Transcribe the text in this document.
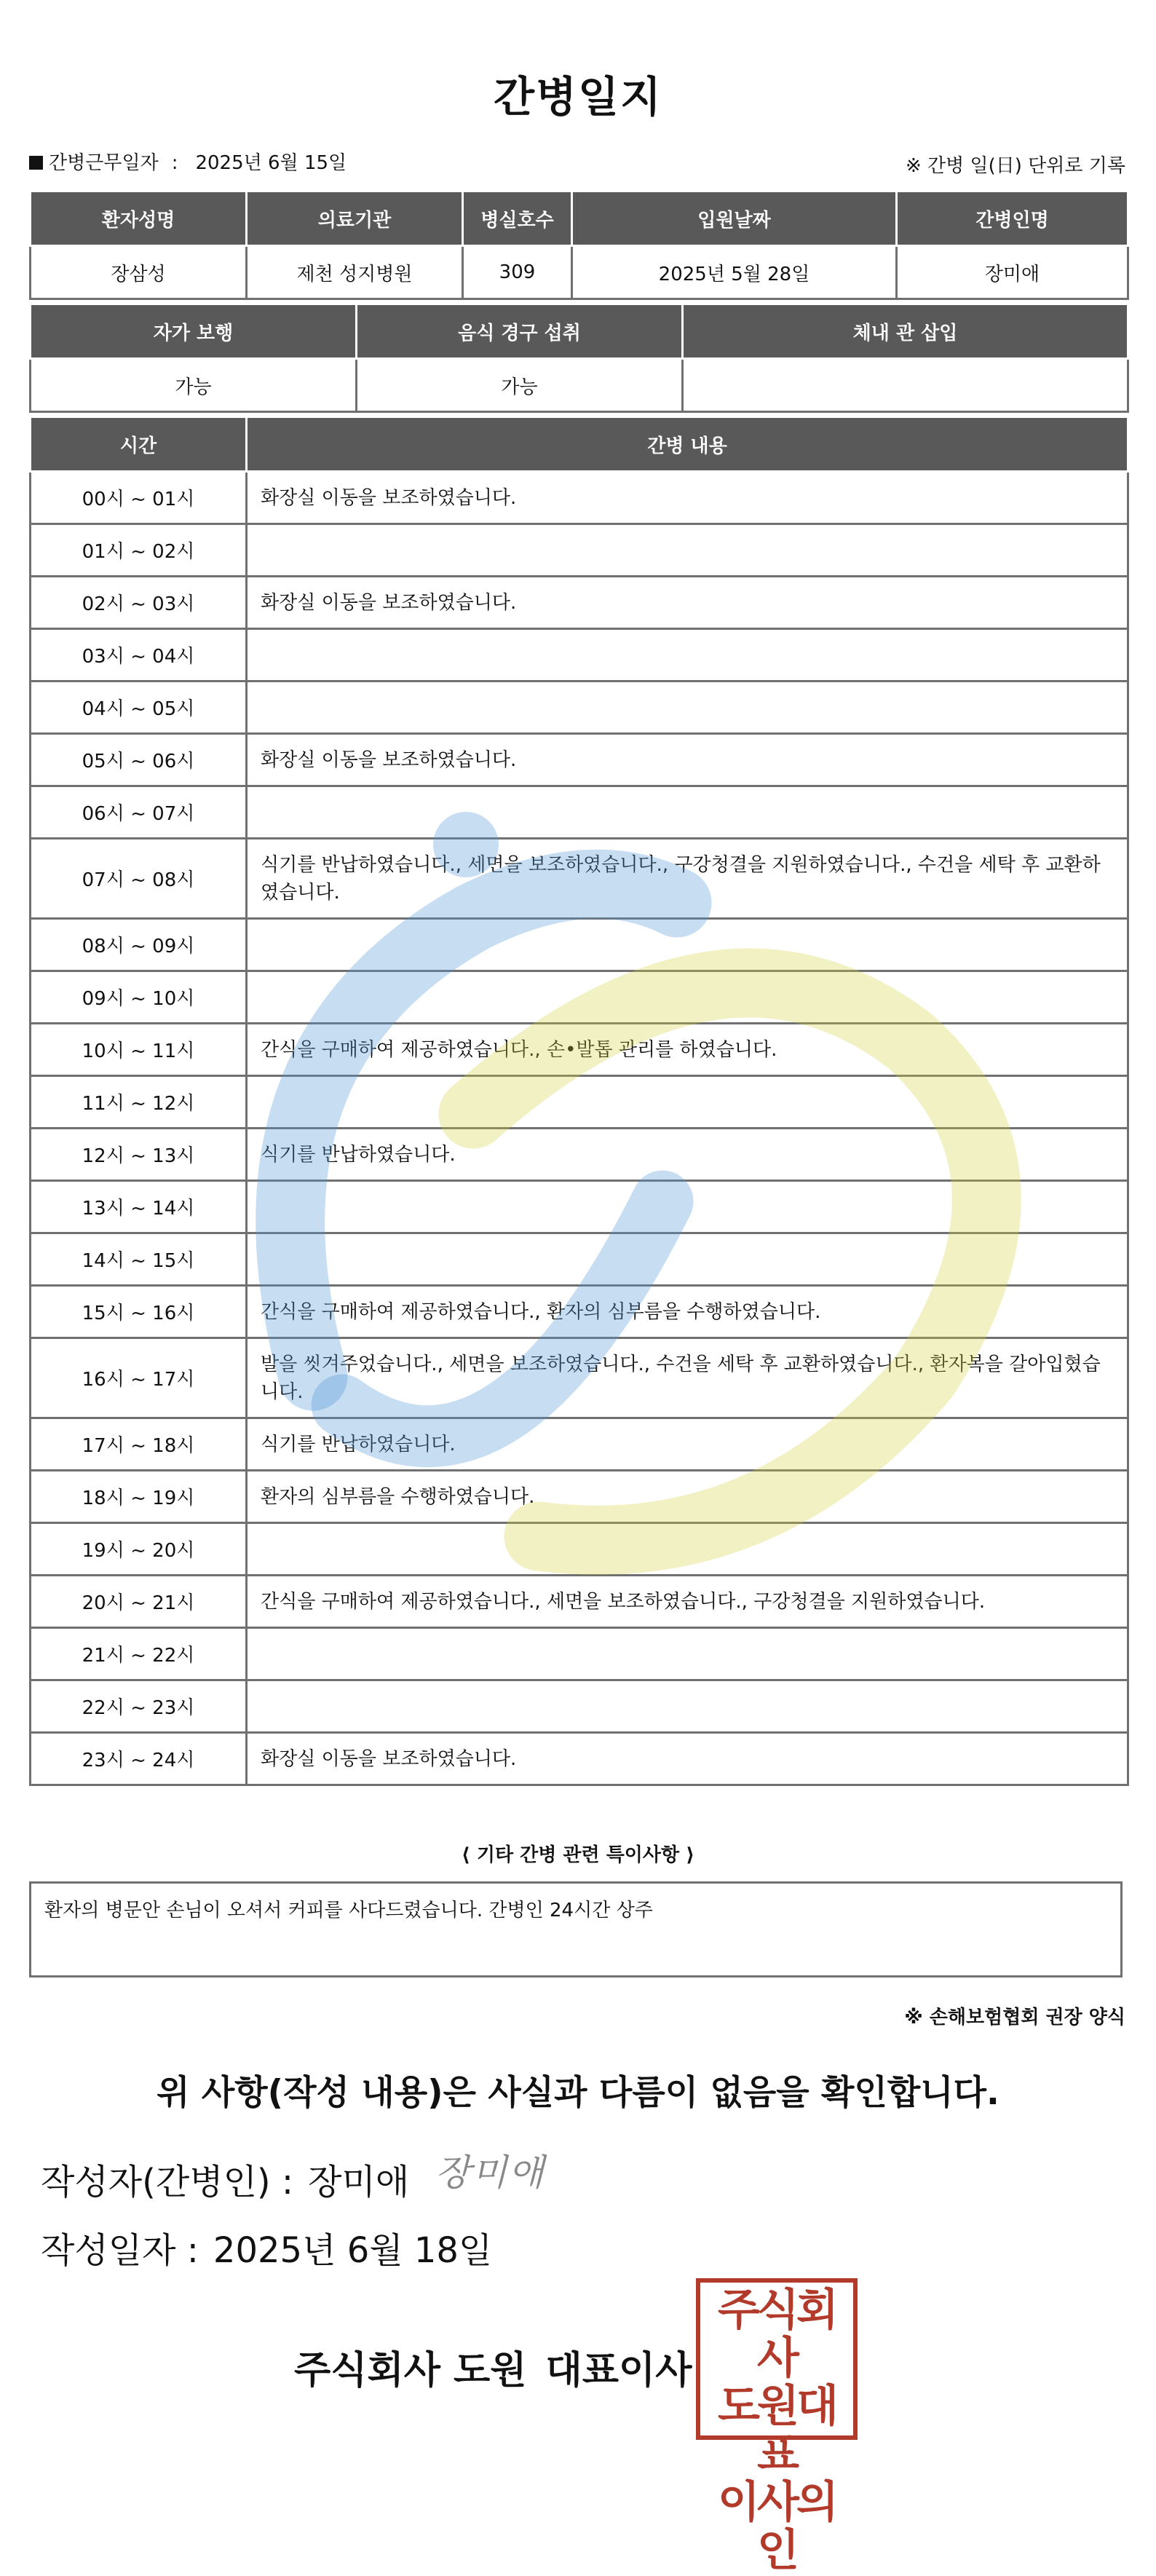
간병일지
간병근무일자 : 2025년 6월 15일	※ 간병 일(日) 단위로 기록
환자성명	의료기관	병실호수	입원날짜	간병인명
장삼성	제천 성지병원	309	2025년 5월 28일	장미애
자가 보행	음식 경구 섭취	체내 관 삽입
가능	가능	
시간	간병 내용
00시 ~ 01시	화장실 이동을 보조하였습니다.
01시 ~ 02시	
02시 ~ 03시	화장실 이동을 보조하였습니다.
03시 ~ 04시	
04시 ~ 05시	
05시 ~ 06시	화장실 이동을 보조하였습니다.
06시 ~ 07시	
07시 ~ 08시	식기를 반납하였습니다., 세면을 보조하였습니다., 구강청결을 지원하였습니다., 수건을 세탁 후 교환하였습니다.
08시 ~ 09시	
09시 ~ 10시	
10시 ~ 11시	간식을 구매하여 제공하였습니다., 손•발톱 관리를 하였습니다.
11시 ~ 12시	
12시 ~ 13시	식기를 반납하였습니다.
13시 ~ 14시	
14시 ~ 15시	
15시 ~ 16시	간식을 구매하여 제공하였습니다., 환자의 심부름을 수행하였습니다.
16시 ~ 17시	발을 씻겨주었습니다., 세면을 보조하였습니다., 수건을 세탁 후 교환하였습니다., 환자복을 갈아입혔습니다.
17시 ~ 18시	식기를 반납하였습니다.
18시 ~ 19시	환자의 심부름을 수행하였습니다.
19시 ~ 20시	
20시 ~ 21시	간식을 구매하여 제공하였습니다., 세면을 보조하였습니다., 구강청결을 지원하였습니다.
21시 ~ 22시	
22시 ~ 23시	
23시 ~ 24시	화장실 이동을 보조하였습니다.
⟨ 기타 간병 관련 특이사항 ⟩
환자의 병문안 손님이 오셔서 커피를 사다드렸습니다. 간병인 24시간 상주
※ 손해보험협회 권장 양식
위 사항(작성 내용)은 사실과 다름이 없음을 확인합니다.
작성자(간병인) : 장미애 장미애
작성일자 : 2025년 6월 18일
주식회사 도원 대표이사
주식회사
도원대표
이사의인
